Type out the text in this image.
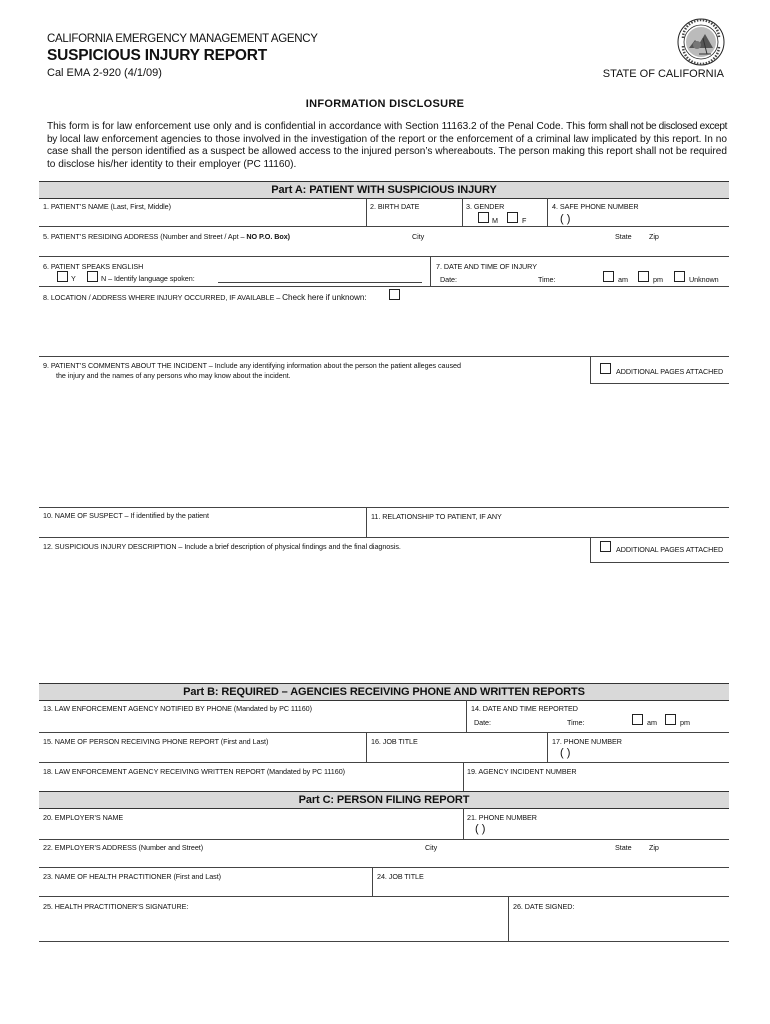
CALIFORNIA EMERGENCY MANAGEMENT AGENCY
SUSPICIOUS INJURY REPORT
Cal EMA 2-920 (4/1/09)	STATE OF CALIFORNIA
INFORMATION DISCLOSURE
This form is for law enforcement use only and is confidential in accordance with Section 11163.2 of the Penal Code. This form shall not be disclosed except by local law enforcement agencies to those involved in the investigation of the report or the enforcement of a criminal law implicated by this report. In no case shall the person identified as a suspect be allowed access to the injured person’s whereabouts. The person making this report shall not be required to disclose his/her identity to their employer (PC 11160).
Part A: PATIENT WITH SUSPICIOUS INJURY
1. PATIENT’S NAME (Last, First, Middle)	2. BIRTH DATE	3. GENDER
M	F
4. SAFE PHONE NUMBER
( )
5. PATIENT’S RESIDING ADDRESS (Number and Street / Apt – NO P.O. Box)	City	State Zip
6. PATIENT SPEAKS ENGLISH
Y	N – Identify language spoken:
7. DATE AND TIME OF INJURY
Date:	Time:	am	pm	Unknown
8. LOCATION / ADDRESS WHERE INJURY OCCURRED, IF AVAILABLE – Check here if unknown:
9. PATIENT’S COMMENTS ABOUT THE INCIDENT – Include any identifying information about the person the patient alleges caused
the injury and the names of any persons who may know about the incident.	ADDITIONAL PAGES ATTACHED
10. NAME OF SUSPECT – If identified by the patient	11. RELATIONSHIP TO PATIENT, IF ANY
12. SUSPICIOUS INJURY DESCRIPTION – Include a brief description of physical findings and the final diagnosis.	ADDITIONAL PAGES ATTACHED
Part B: REQUIRED – AGENCIES RECEIVING PHONE AND WRITTEN REPORTS
13. LAW ENFORCEMENT AGENCY NOTIFIED BY PHONE (Mandated by PC 11160)	14. DATE AND TIME REPORTED
Date:	Time:	am	pm
15. NAME OF PERSON RECEIVING PHONE REPORT (First and Last)	16. JOB TITLE	17. PHONE NUMBER
( )
18. LAW ENFORCEMENT AGENCY RECEIVING WRITTEN REPORT (Mandated by PC 11160)	19. AGENCY INCIDENT NUMBER
Part C: PERSON FILING REPORT
20. EMPLOYER’S NAME	21. PHONE NUMBER
( )
22. EMPLOYER’S ADDRESS (Number and Street)	City	State Zip
23. NAME OF HEALTH PRACTITIONER (First and Last)	24. JOB TITLE
25. HEALTH PRACTITIONER’S SIGNATURE:	26. DATE SIGNED:
